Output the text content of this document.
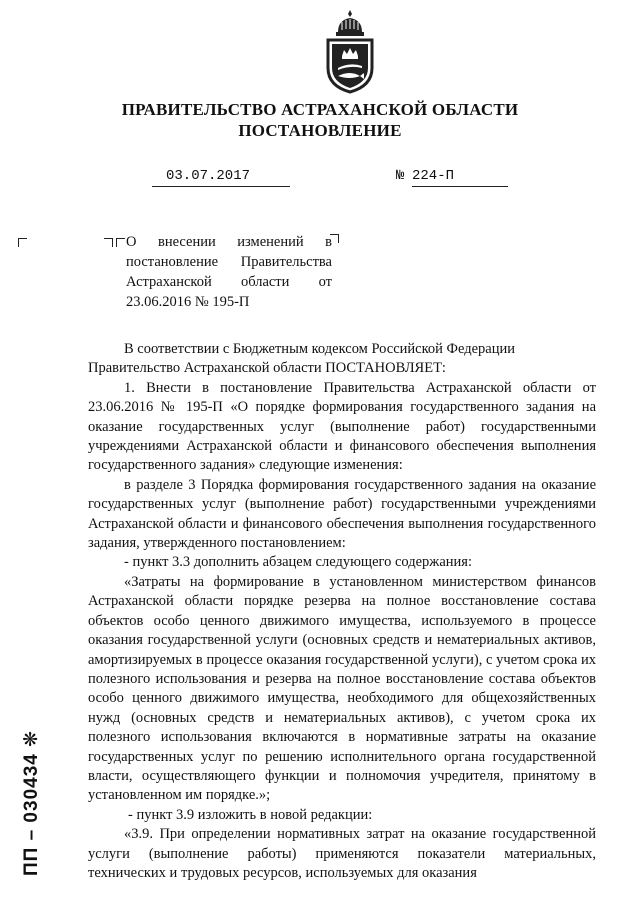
ПРАВИТЕЛЬСТВО АСТРАХАНСКОЙ ОБЛАСТИ
ПОСТАНОВЛЕНИЕ
03.07.2017	№ 224-П
О внесении изменений в
постановление Правительства
Астраханской области от
23.06.2016 № 195-П

В соответствии с Бюджетным кодексом Российской Федерации

Правительство Астраханской области ПОСТАНОВЛЯЕТ:

1. Внести в постановление Правительства Астраханской области от 23.06.2016 № 195-П «О порядке формирования государственного задания на оказание государственных услуг (выполнение работ) государственными учреждениями Астраханской области и финансового обеспечения выполнения государственного задания» следующие изменения:

в разделе 3 Порядка формирования государственного задания на оказание государственных услуг (выполнение работ) государственными учреждениями Астраханской области и финансового обеспечения выполнения государственного задания, утвержденного постановлением:

- пункт 3.3 дополнить абзацем следующего содержания:

«Затраты на формирование в установленном министерством финансов Астраханской области порядке резерва на полное восстановление состава объектов особо ценного движимого имущества, используемого в процессе оказания государственной услуги (основных средств и нематериальных активов, амортизируемых в процессе оказания государственной услуги), с учетом срока их полезного использования и резерва на полное восстановление состава объектов особо ценного движимого имущества, необходимого для общехозяйственных нужд (основных средств и нематериальных активов), с учетом срока их полезного использования включаются в нормативные затраты на оказание государственных услуг по решению исполнительного органа государственной власти, осуществляющего функции и полномочия учредителя, принятому в установленном им порядке.»;

- пункт 3.9 изложить в новой редакции:

«3.9. При определении нормативных затрат на оказание государственной услуги (выполнение работы) применяются показатели материальных, технических и трудовых ресурсов, используемых для оказания

ПП – 030434 ❋
